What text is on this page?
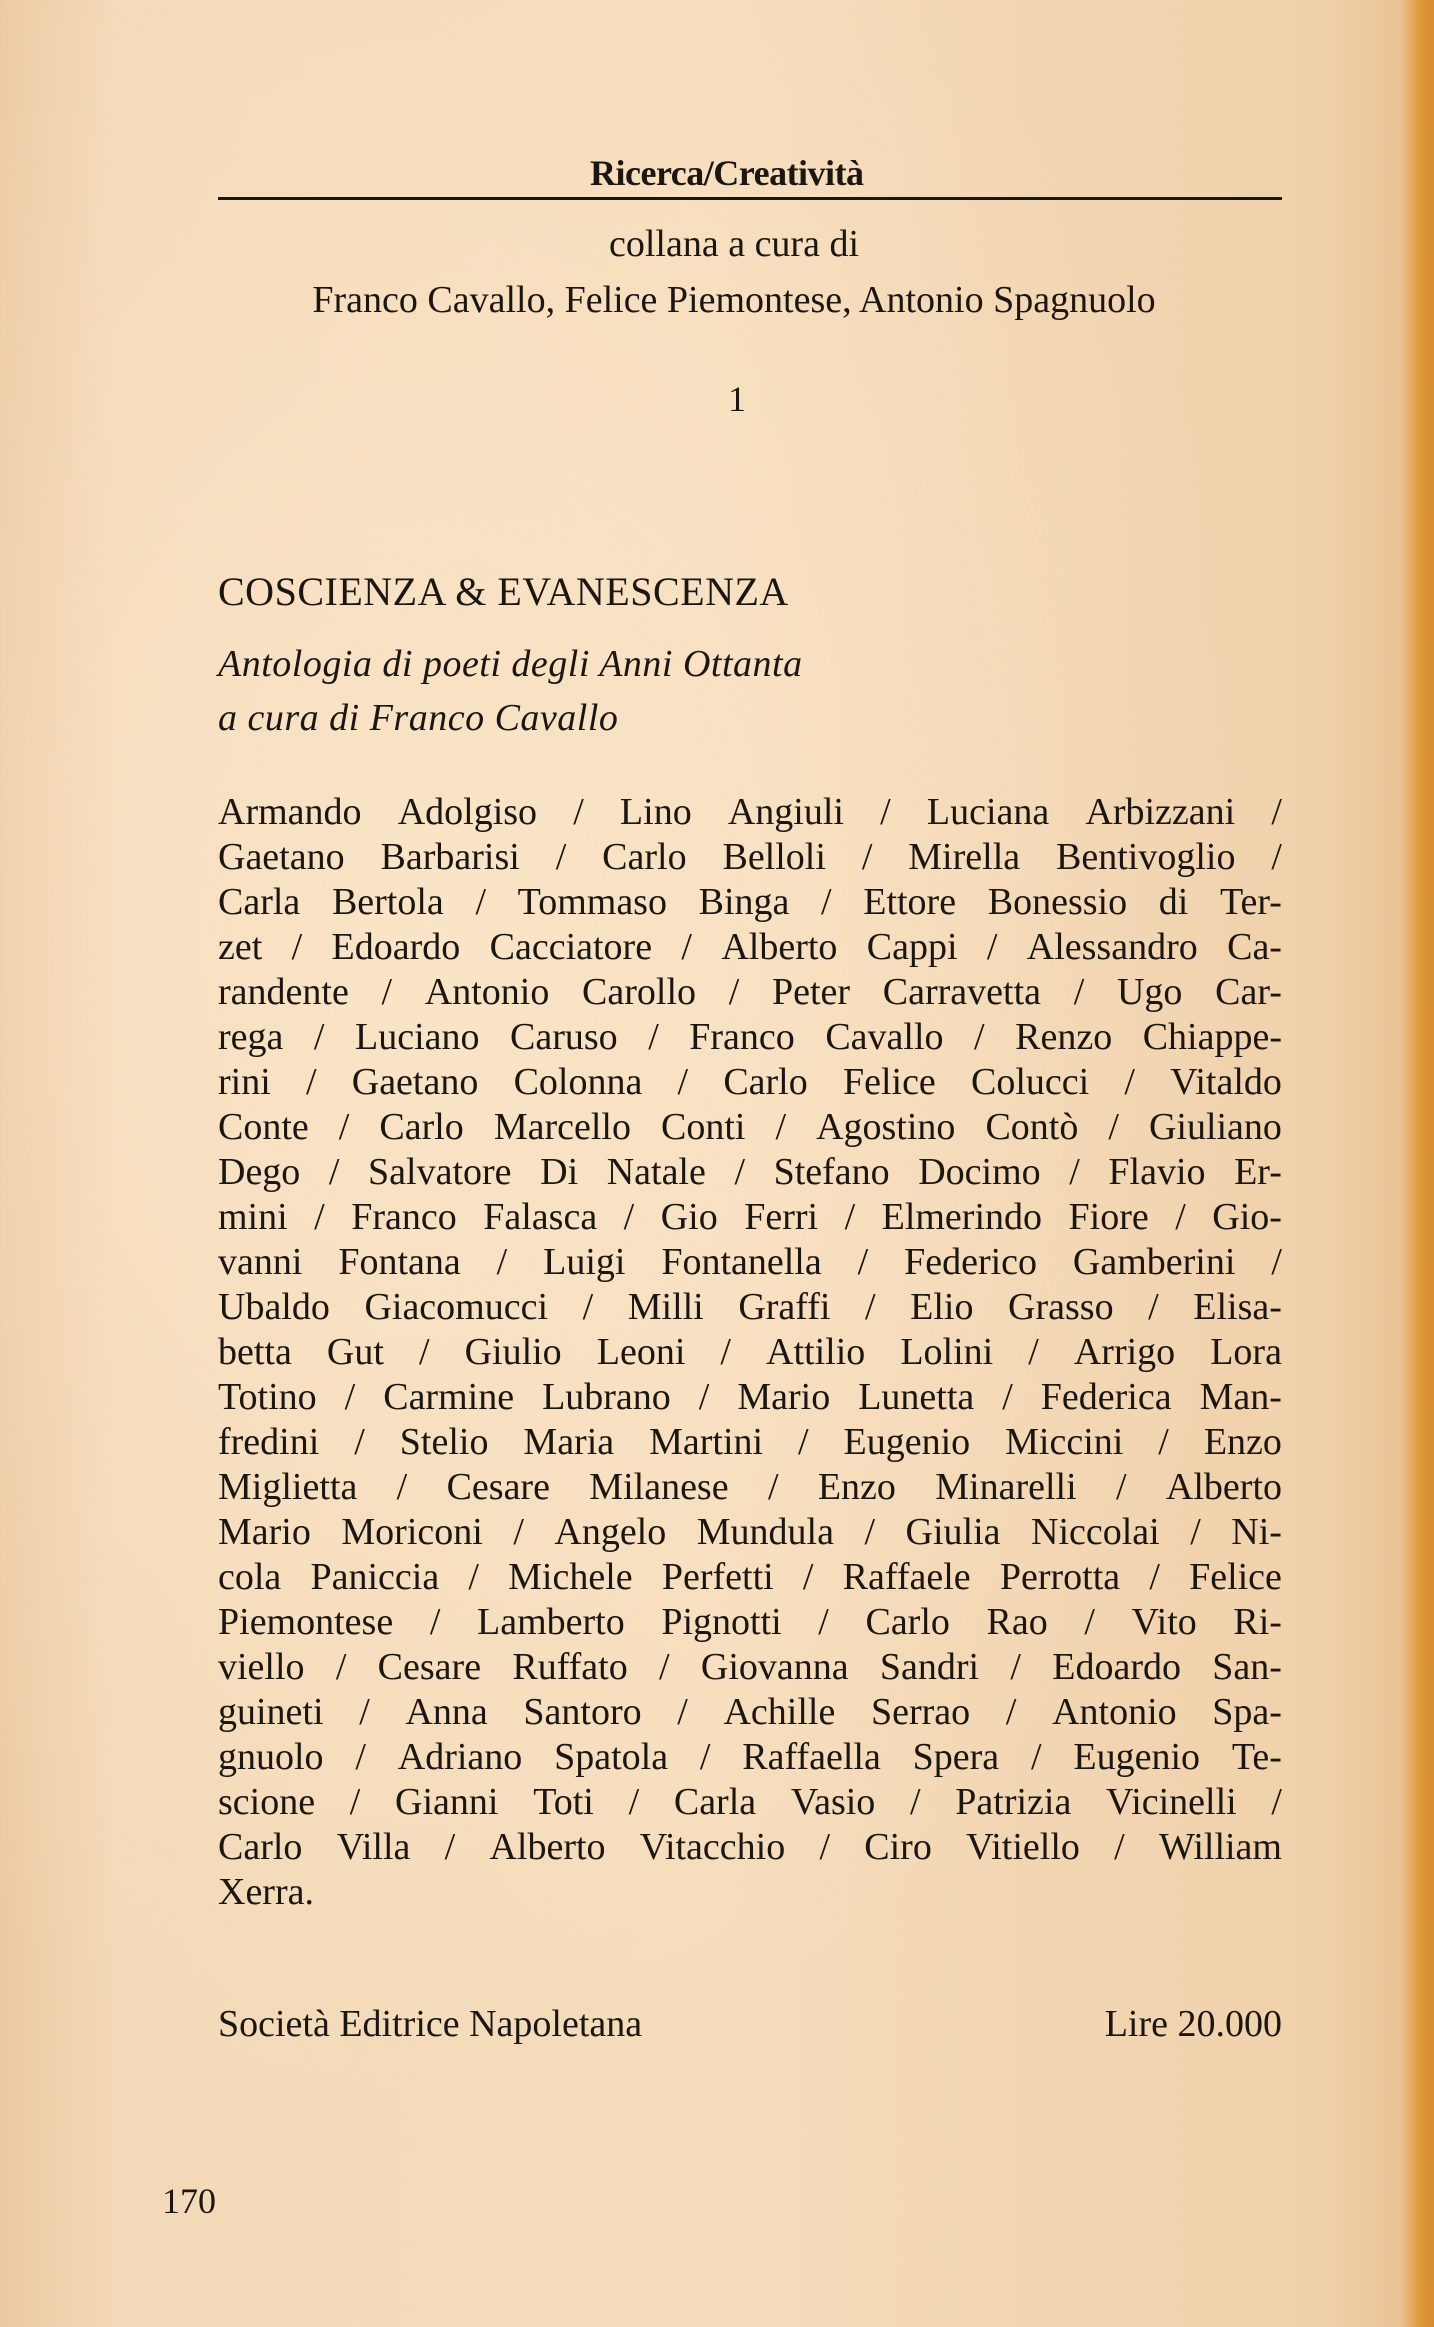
Ricerca/Creatività
collana a cura di
Franco Cavallo, Felice Piemontese, Antonio Spagnuolo
1
COSCIENZA & EVANESCENZA
Antologia di poeti degli Anni Ottanta
a cura di Franco Cavallo
Armando Adolgiso / Lino Angiuli / Luciana Arbizzani /
Gaetano Barbarisi / Carlo Belloli / Mirella Bentivoglio /
Carla Bertola / Tommaso Binga / Ettore Bonessio di Ter-
zet / Edoardo Cacciatore / Alberto Cappi / Alessandro Ca-
randente / Antonio Carollo / Peter Carravetta / Ugo Car-
rega / Luciano Caruso / Franco Cavallo / Renzo Chiappe-
rini / Gaetano Colonna / Carlo Felice Colucci / Vitaldo
Conte / Carlo Marcello Conti / Agostino Contò / Giuliano
Dego / Salvatore Di Natale / Stefano Docimo / Flavio Er-
mini / Franco Falasca / Gio Ferri / Elmerindo Fiore / Gio-
vanni Fontana / Luigi Fontanella / Federico Gamberini /
Ubaldo Giacomucci / Milli Graffi / Elio Grasso / Elisa-
betta Gut / Giulio Leoni / Attilio Lolini / Arrigo Lora
Totino / Carmine Lubrano / Mario Lunetta / Federica Man-
fredini / Stelio Maria Martini / Eugenio Miccini / Enzo
Miglietta / Cesare Milanese / Enzo Minarelli / Alberto
Mario Moriconi / Angelo Mundula / Giulia Niccolai / Ni-
cola Paniccia / Michele Perfetti / Raffaele Perrotta / Felice
Piemontese / Lamberto Pignotti / Carlo Rao / Vito Ri-
viello / Cesare Ruffato / Giovanna Sandri / Edoardo San-
guineti / Anna Santoro / Achille Serrao / Antonio Spa-
gnuolo / Adriano Spatola / Raffaella Spera / Eugenio Te-
scione / Gianni Toti / Carla Vasio / Patrizia Vicinelli /
Carlo Villa / Alberto Vitacchio / Ciro Vitiello / William
Xerra.
Società Editrice Napoletana	Lire 20.000
170
